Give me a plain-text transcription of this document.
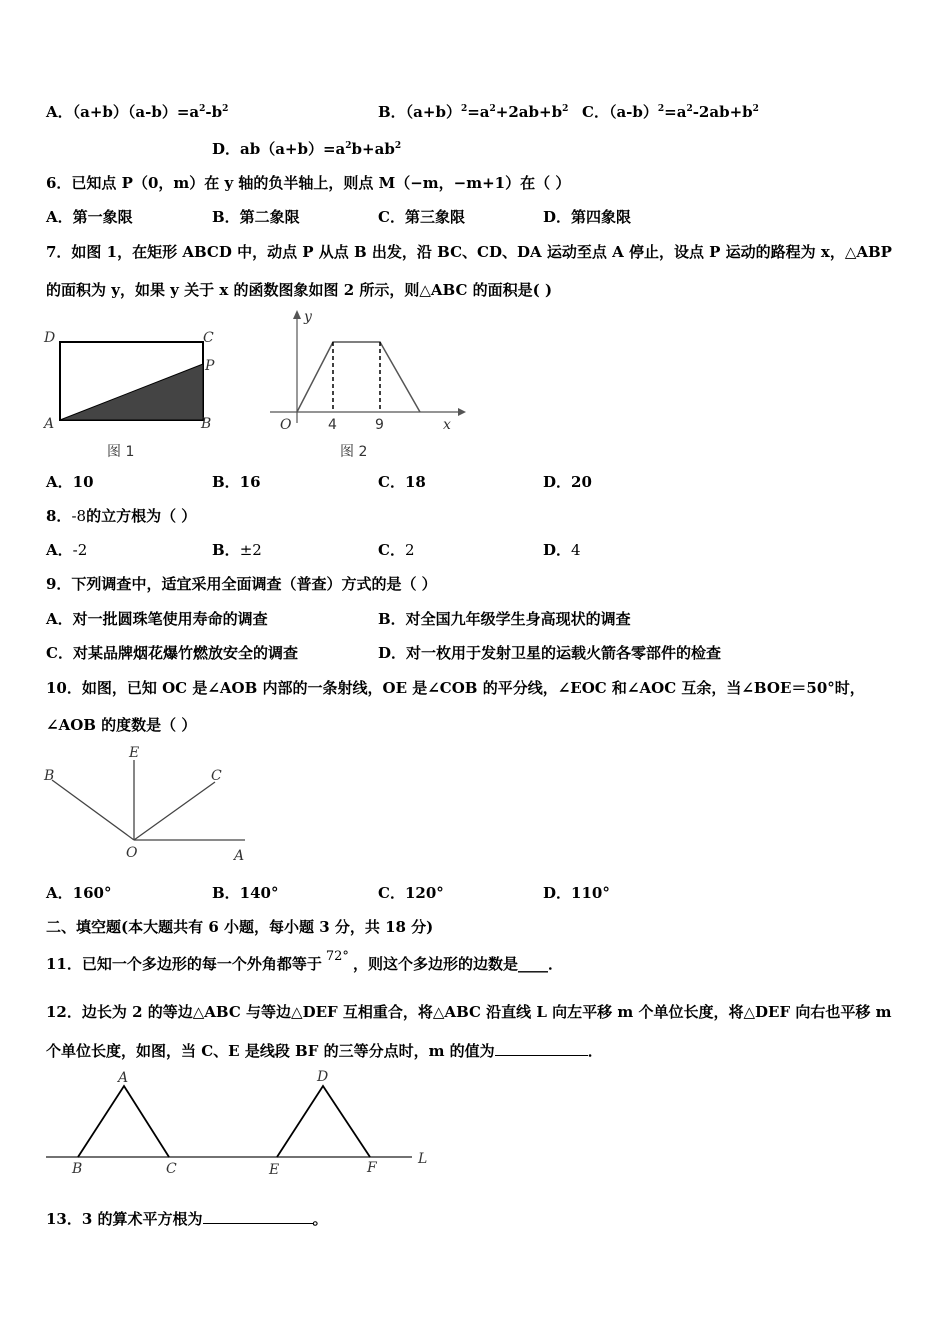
A．$(a+b)(a-b)=a^2-b^2$	B．$(a+b)^2=a^2+2ab+b^2$ C．$(a-b)^2=a^2-2ab+b^2$
D．$ab(a+b)=a^2b+ab^2$
6．已知点 P（0，m）在 y 轴的负半轴上，则点 M（−m，−m+1）在（ ）
A．第一象限	B．第二象限	C．第三象限	D．第四象限
7．如图 1，在矩形 ABCD 中，动点 P 从点 B 出发，沿 BC、CD、DA 运动至点 A 停止，设点 P 运动的路程为 x，△ABP
的面积为 y，如果 y 关于 x 的函数图象如图 2 所示，则△ABC 的面积是( )
D	C
P
A	B
图 1
y
O	4	9	x
图 2
A．10	B．16	C．18	D．20
8．-8的立方根为（ ）
A．-2	B．±2	C．2	D．4
9．下列调查中，适宜采用全面调查（普查）方式的是（ ）
A．对一批圆珠笔使用寿命的调查	B．对全国九年级学生身高现状的调查
C．对某品牌烟花爆竹燃放安全的调查	D．对一枚用于发射卫星的运载火箭各零部件的检查
10．如图，已知 OC 是∠AOB 内部的一条射线，OE 是∠COB 的平分线，∠EOC 和∠AOC 互余，当∠BOE＝50°时，
∠AOB 的度数是（ ）
E
B	C
O	A
A．160°	B．140°	C．120°	D．110°
二、填空题(本大题共有 6 小题，每小题 3 分，共 18 分)
11．已知一个多边形的每一个外角都等于 72° ，则这个多边形的边数是____．
12．边长为 2 的等边△ABC 与等边△DEF 互相重合，将△ABC 沿直线 L 向左平移 m 个单位长度，将△DEF 向右也平移 m
个单位长度，如图，当 C、E 是线段 BF 的三等分点时，m 的值为	．
A
B	C
D
E	F
L
13．3 的算术平方根为	。
